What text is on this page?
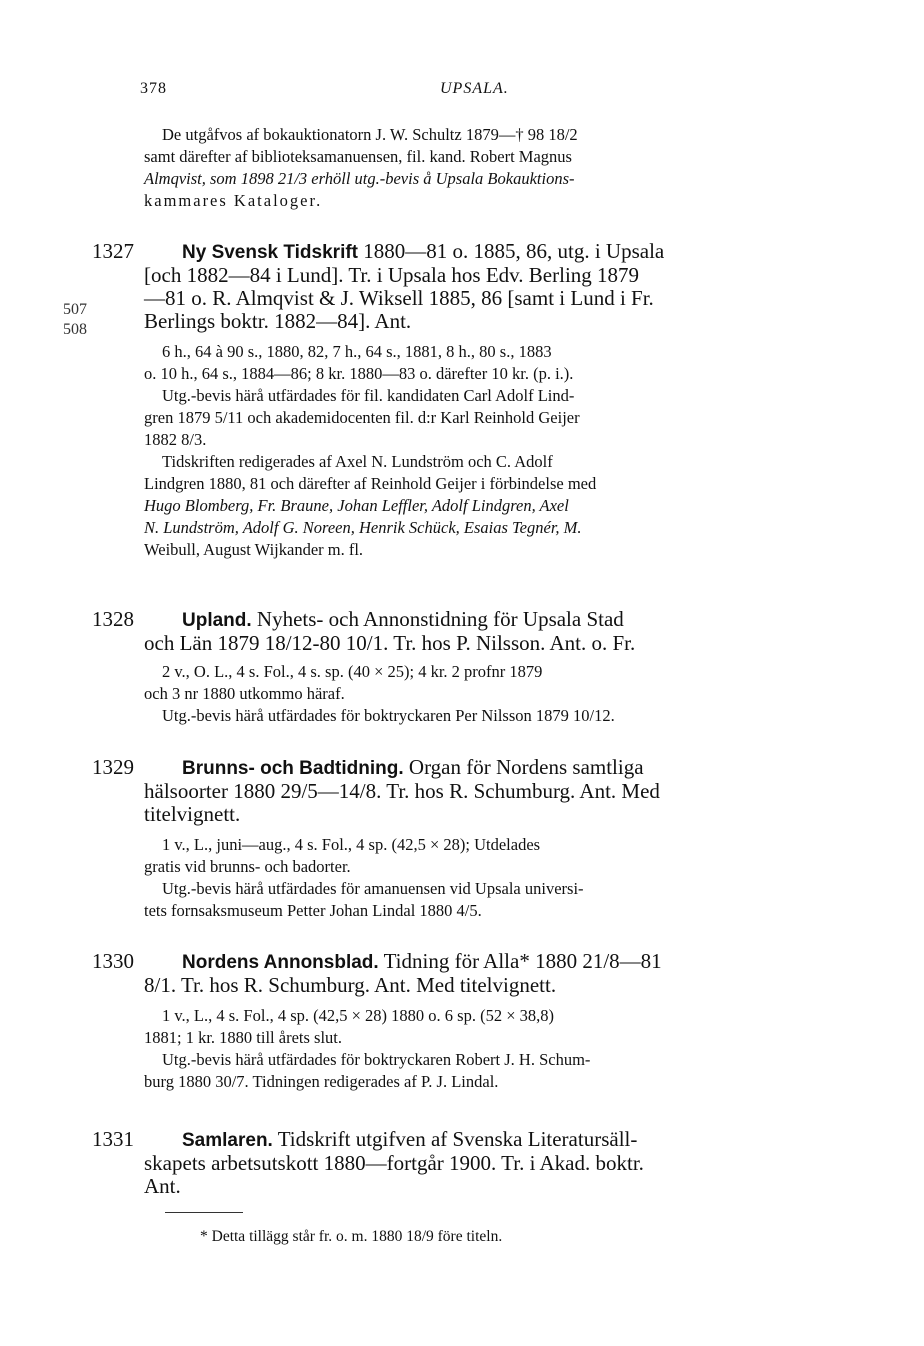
378	UPSALA.
De utgåfvos af bokauktionatorn J. W. Schultz 1879—† 98 18/2
samt därefter af biblioteksamanuensen, fil. kand. Robert Magnus
Almqvist, som 1898 21/3 erhöll utg.-bevis å Upsala Bokauktions-
kammares Kataloger.
507
508
1327	Ny Svensk Tidskrift 1880—81 o. 1885, 86, utg. i Upsala
[och 1882—84 i Lund]. Tr. i Upsala hos Edv. Berling 1879
—81 o. R. Almqvist & J. Wiksell 1885, 86 [samt i Lund i Fr.
Berlings boktr. 1882—84]. Ant.
6 h., 64 à 90 s., 1880, 82, 7 h., 64 s., 1881, 8 h., 80 s., 1883
o. 10 h., 64 s., 1884—86; 8 kr. 1880—83 o. därefter 10 kr. (p. i.).
Utg.-bevis härå utfärdades för fil. kandidaten Carl Adolf Lind-
gren 1879 5/11 och akademidocenten fil. d:r Karl Reinhold Geijer
1882 8/3.
Tidskriften redigerades af Axel N. Lundström och C. Adolf
Lindgren 1880, 81 och därefter af Reinhold Geijer i förbindelse med
Hugo Blomberg, Fr. Braune, Johan Leffler, Adolf Lindgren, Axel
N. Lundström, Adolf G. Noreen, Henrik Schück, Esaias Tegnér, M.
Weibull, August Wijkander m. fl.
1328	Upland. Nyhets- och Annonstidning för Upsala Stad
och Län 1879 18/12-80 10/1. Tr. hos P. Nilsson. Ant. o. Fr.
2 v., O. L., 4 s. Fol., 4 s. sp. (40 × 25); 4 kr. 2 profnr 1879
och 3 nr 1880 utkommo häraf.
Utg.-bevis härå utfärdades för boktryckaren Per Nilsson 1879 10/12.
1329	Brunns- och Badtidning. Organ för Nordens samtliga
hälsoorter 1880 29/5—14/8. Tr. hos R. Schumburg. Ant. Med
titelvignett.
1 v., L., juni—aug., 4 s. Fol., 4 sp. (42,5 × 28); Utdelades
gratis vid brunns- och badorter.
Utg.-bevis härå utfärdades för amanuensen vid Upsala universi-
tets fornsaksmuseum Petter Johan Lindal 1880 4/5.
1330	Nordens Annonsblad. Tidning för Alla* 1880 21/8—81
8/1. Tr. hos R. Schumburg. Ant. Med titelvignett.
1 v., L., 4 s. Fol., 4 sp. (42,5 × 28) 1880 o. 6 sp. (52 × 38,8)
1881; 1 kr. 1880 till årets slut.
Utg.-bevis härå utfärdades för boktryckaren Robert J. H. Schum-
burg 1880 30/7. Tidningen redigerades af P. J. Lindal.
1331	Samlaren. Tidskrift utgifven af Svenska Literatursäll-
skapets arbetsutskott 1880—fortgår 1900. Tr. i Akad. boktr.
Ant.
* Detta tillägg står fr. o. m. 1880 18/9 före titeln.
